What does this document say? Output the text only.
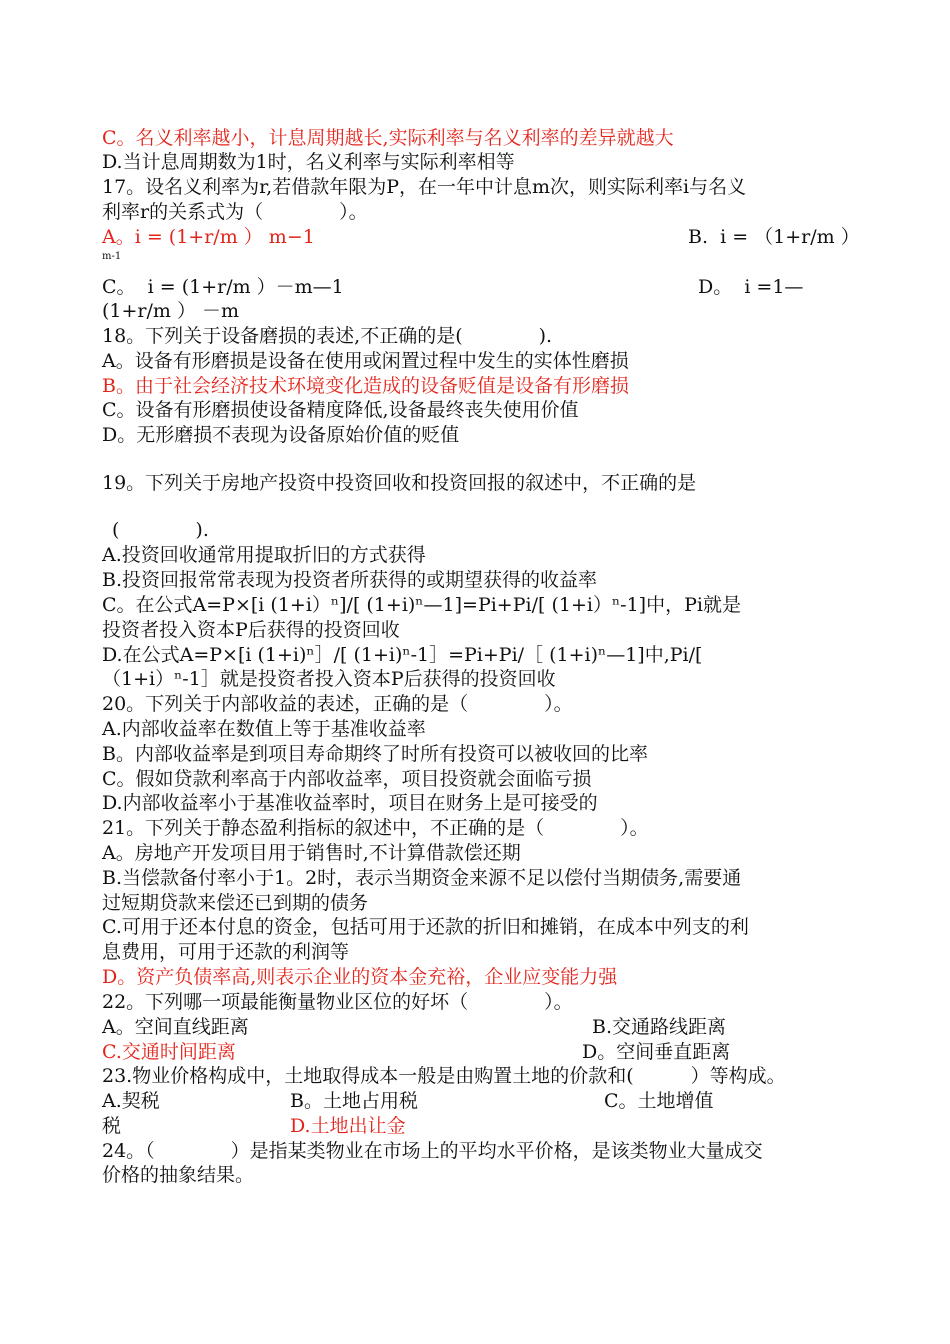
C。名义利率越小，计息周期越长,实际利率与名义利率的差异就越大
D.当计息周期数为1时，名义利率与实际利率相等
17。设名义利率为r,若借款年限为P，在一年中计息m次，则实际利率i与名义
利率r的关系式为（　　　　）。
A。i = (1+r/m ） m−1	B.  i = （1+r/m ）
m-1
C。  i = (1+r/m ）－m—1	D。  i =1—
(1+r/m ） －m
18。下列关于设备磨损的表述,不正确的是(　　　　).
A。设备有形磨损是设备在使用或闲置过程中发生的实体性磨损
B。由于社会经济技术环境变化造成的设备贬值是设备有形磨损
C。设备有形磨损使设备精度降低,设备最终丧失使用价值
D。无形磨损不表现为设备原始价值的贬值
19。下列关于房地产投资中投资回收和投资回报的叙述中，不正确的是
(　　　　).
A.投资回收通常用提取折旧的方式获得
B.投资回报常常表现为投资者所获得的或期望获得的收益率
C。在公式A=P×[i (1+i）ⁿ]/[ (1+i)ⁿ—1]=Pi+Pi/[ (1+i）ⁿ-1]中，Pi就是
投资者投入资本P后获得的投资回收
D.在公式A=P×[i (1+i)ⁿ］/[ (1+i)ⁿ-1］=Pi+Pi/［ (1+i)ⁿ—1]中,Pi/[
（1+i）ⁿ-1］就是投资者投入资本P后获得的投资回收
20。下列关于内部收益的表述，正确的是（　　　　）。
A.内部收益率在数值上等于基准收益率
B。内部收益率是到项目寿命期终了时所有投资可以被收回的比率
C。假如贷款利率高于内部收益率，项目投资就会面临亏损
D.内部收益率小于基准收益率时，项目在财务上是可接受的
21。下列关于静态盈利指标的叙述中，不正确的是（　　　　）。
A。房地产开发项目用于销售时,不计算借款偿还期
B.当偿款备付率小于1。2时，表示当期资金来源不足以偿付当期债务,需要通
过短期贷款来偿还已到期的债务
C.可用于还本付息的资金，包括可用于还款的折旧和摊销，在成本中列支的利
息费用，可用于还款的利润等
D。资产负债率高,则表示企业的资本金充裕，企业应变能力强
22。下列哪一项最能衡量物业区位的好坏（　　　　）。
A。空间直线距离	B.交通路线距离
C.交通时间距离	D。空间垂直距离
23.物业价格构成中，土地取得成本一般是由购置土地的价款和(　　　）等构成。
A.契税	B。土地占用税	C。土地增值
税	D.土地出让金
24。（　　　　）是指某类物业在市场上的平均水平价格，是该类物业大量成交
价格的抽象结果。
